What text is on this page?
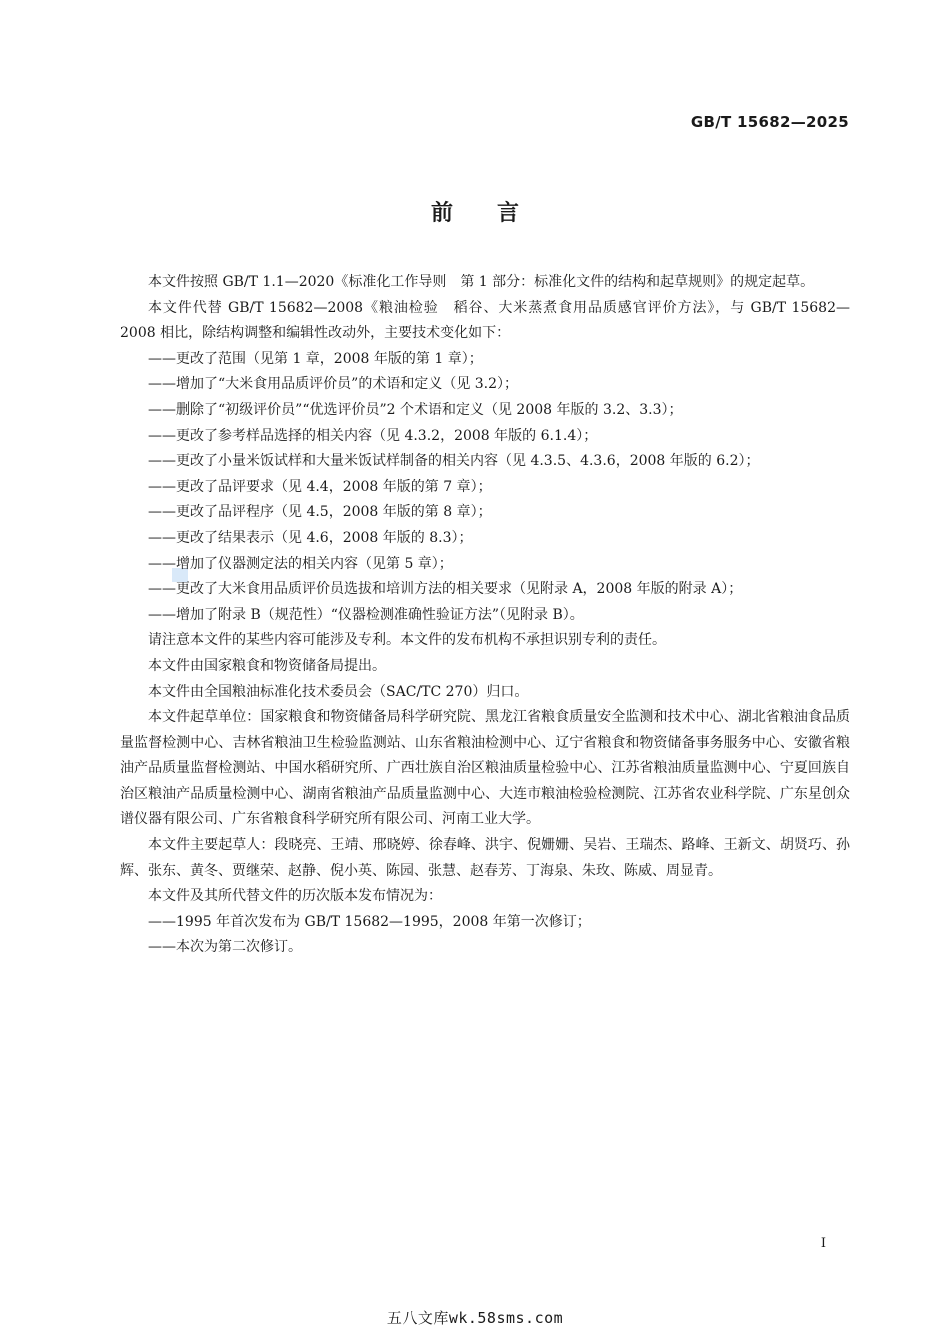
GB/T 15682—2025
前言

本文件按照 GB/T 1.1—2020《标准化工作导则　第 1 部分：标准化文件的结构和起草规则》的规定起草。

本文件代替 GB/T 15682—2008《粮油检验　稻谷、大米蒸煮食用品质感官评价方法》，与 GB/T 15682—2008 相比，除结构调整和编辑性改动外，主要技术变化如下：

——更改了范围（见第 1 章，2008 年版的第 1 章）；

——增加了“大米食用品质评价员”的术语和定义（见 3.2）；

——删除了“初级评价员”“优选评价员”2 个术语和定义（见 2008 年版的 3.2、3.3）；

——更改了参考样品选择的相关内容（见 4.3.2，2008 年版的 6.1.4）；

——更改了小量米饭试样和大量米饭试样制备的相关内容（见 4.3.5、4.3.6，2008 年版的 6.2）；

——更改了品评要求（见 4.4，2008 年版的第 7 章）；

——更改了品评程序（见 4.5，2008 年版的第 8 章）；

——更改了结果表示（见 4.6，2008 年版的 8.3）；

——增加了仪器测定法的相关内容（见第 5 章）；

——更改了大米食用品质评价员选拔和培训方法的相关要求（见附录 A，2008 年版的附录 A）；

——增加了附录 B（规范性）“仪器检测准确性验证方法”（见附录 B）。

请注意本文件的某些内容可能涉及专利。本文件的发布机构不承担识别专利的责任。

本文件由国家粮食和物资储备局提出。

本文件由全国粮油标准化技术委员会（SAC/TC 270）归口。

本文件起草单位：国家粮食和物资储备局科学研究院、黑龙江省粮食质量安全监测和技术中心、湖北省粮油食品质量监督检测中心、吉林省粮油卫生检验监测站、山东省粮油检测中心、辽宁省粮食和物资储备事务服务中心、安徽省粮油产品质量监督检测站、中国水稻研究所、广西壮族自治区粮油质量检验中心、江苏省粮油质量监测中心、宁夏回族自治区粮油产品质量检测中心、湖南省粮油产品质量监测中心、大连市粮油检验检测院、江苏省农业科学院、广东星创众谱仪器有限公司、广东省粮食科学研究所有限公司、河南工业大学。

本文件主要起草人：段晓亮、王靖、邢晓婷、徐春峰、洪宇、倪姗姗、吴岩、王瑞杰、路峰、王新文、胡贤巧、孙辉、张东、黄冬、贾继荣、赵静、倪小英、陈园、张慧、赵春芳、丁海泉、朱玫、陈威、周显青。

本文件及其所代替文件的历次版本发布情况为：

——1995 年首次发布为 GB/T 15682—1995，2008 年第一次修订；

——本次为第二次修订。

I
五八文库wk.58sms.com
